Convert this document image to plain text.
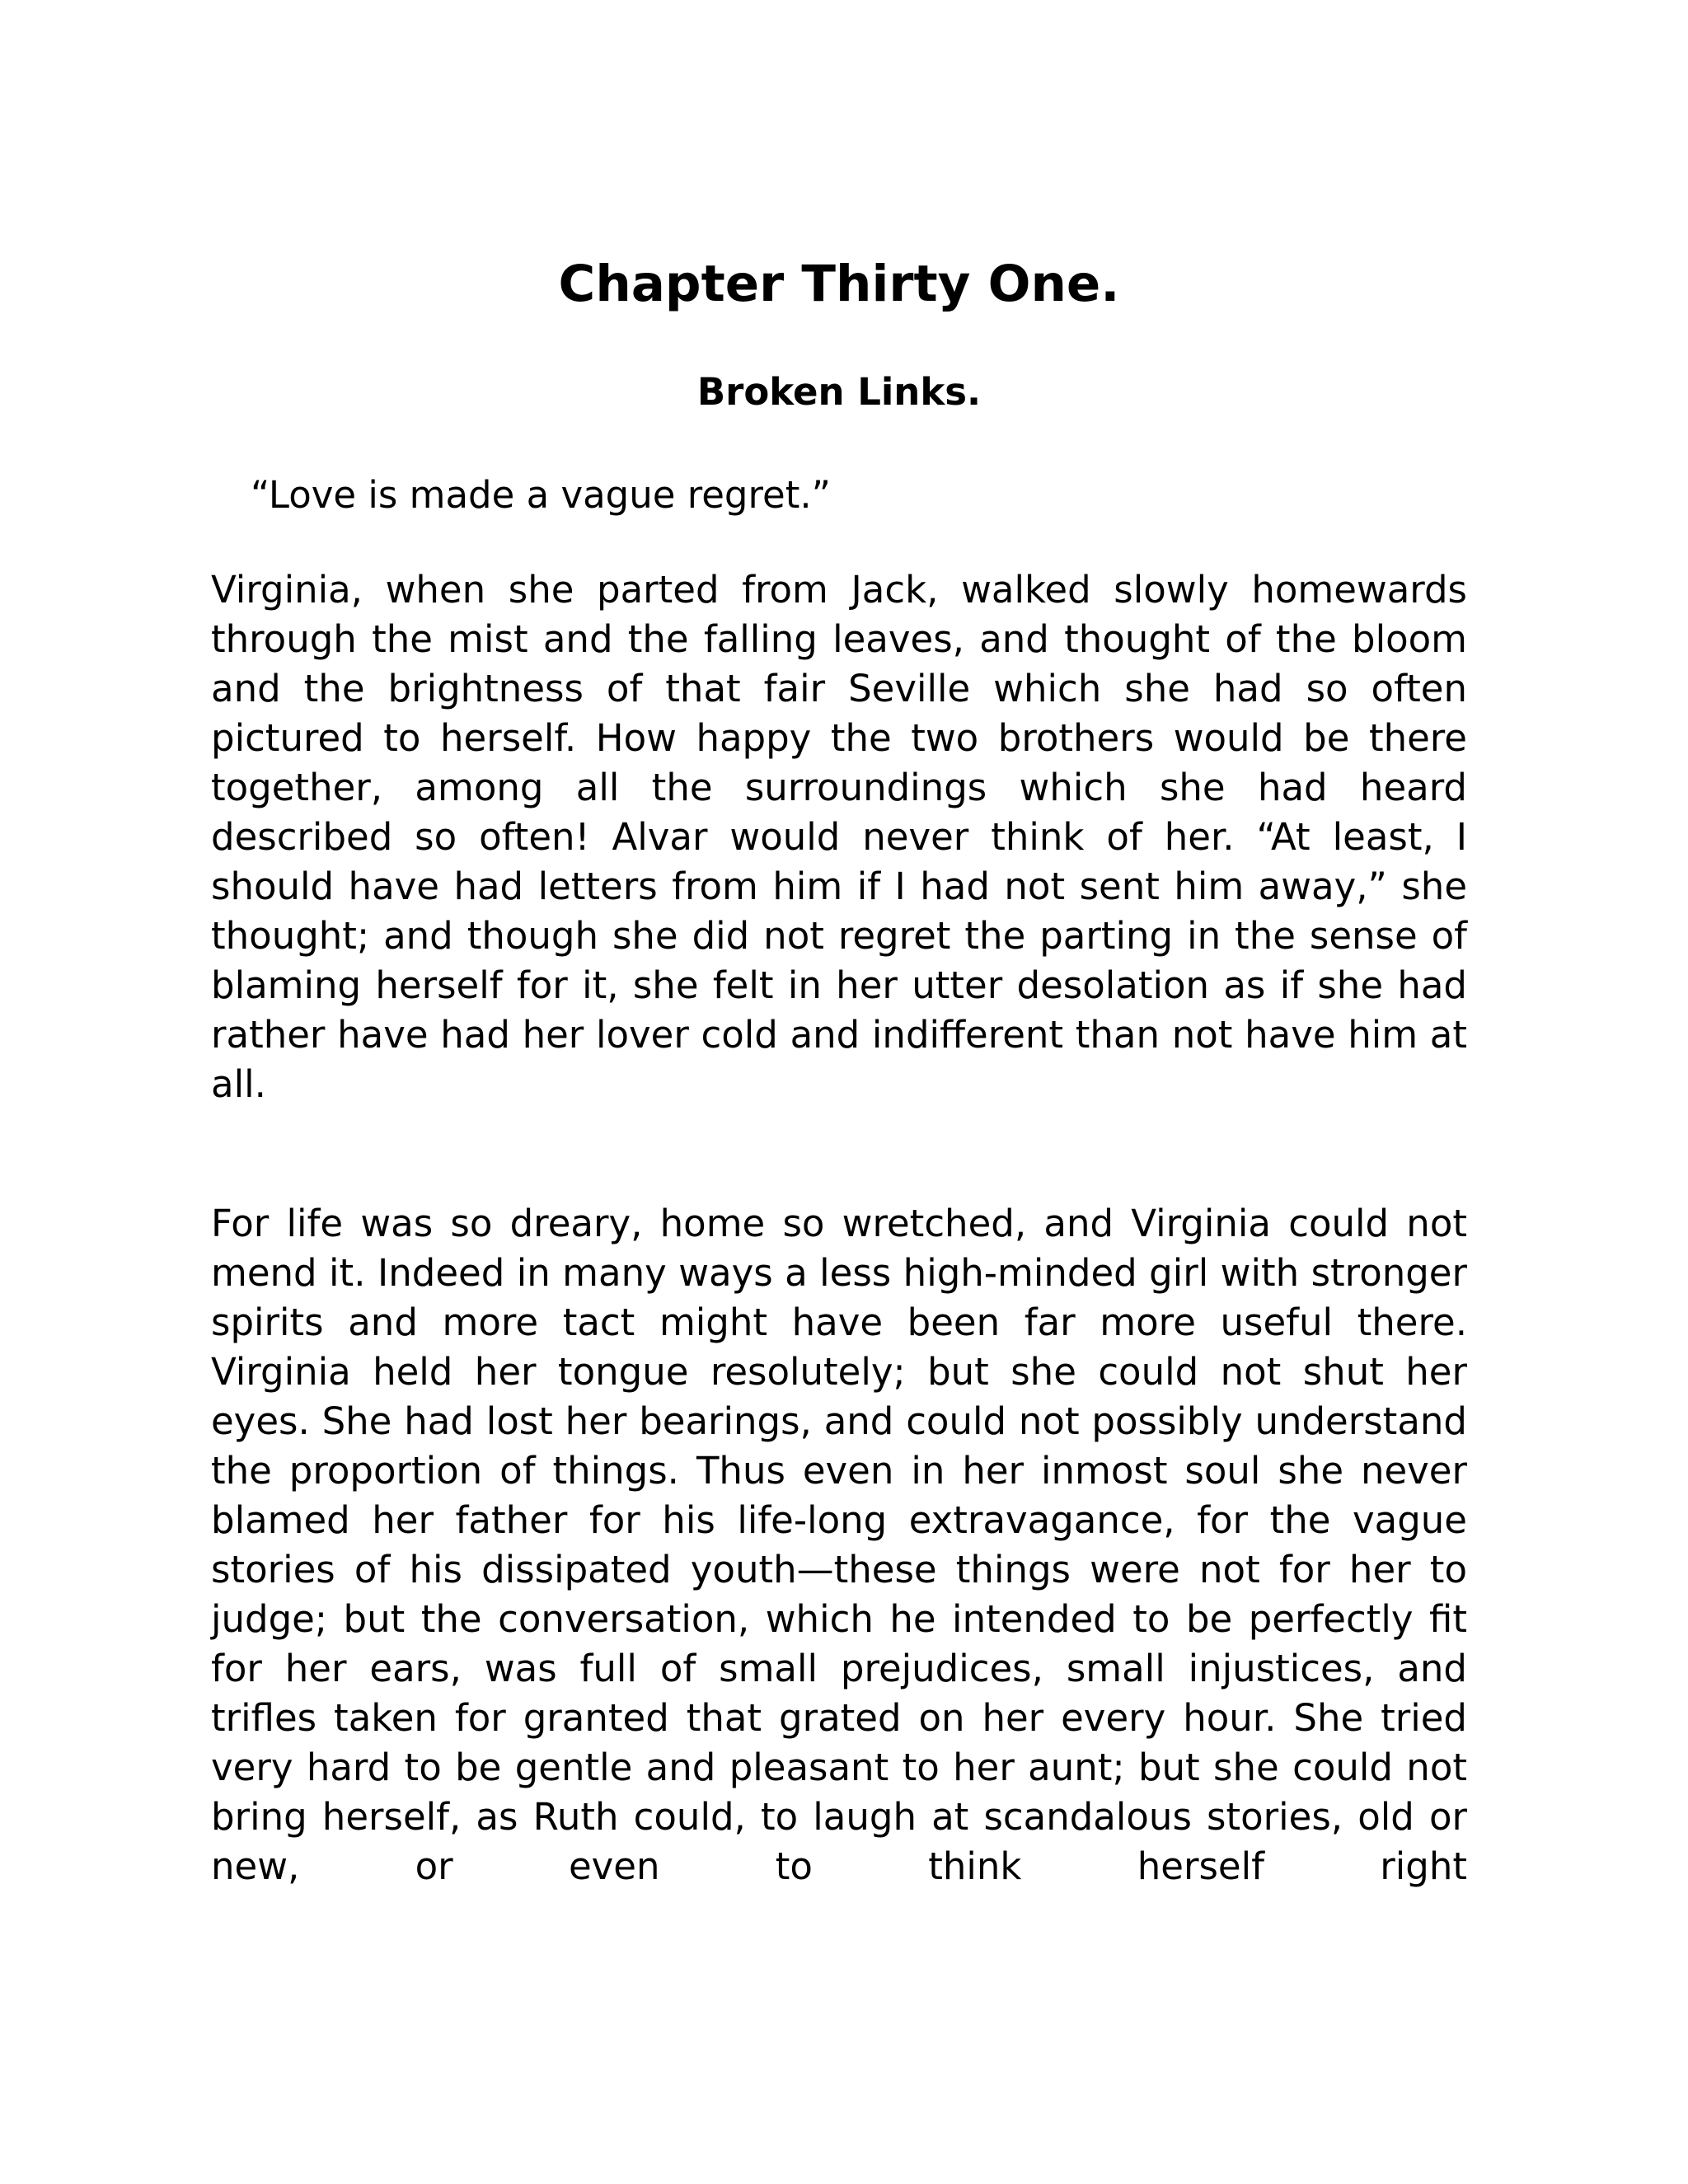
Chapter Thirty One.
Broken Links.

“Love is made a vague regret.”

Virginia, when she parted from Jack, walked slowly homewards through the mist and the falling leaves, and thought of the bloom and the brightness of that fair Seville which she had so often pictured to herself. How happy the two brothers would be there together, among all the surroundings which she had heard described so often! Alvar would never think of her. “At least, I should have had letters from him if I had not sent him away,” she thought; and though she did not regret the parting in the sense of blaming herself for it, she felt in her utter desolation as if she had rather have had her lover cold and indifferent than not have him at all.

For life was so dreary, home so wretched, and Virginia could not mend it. Indeed in many ways a less high-minded girl with stronger spirits and more tact might have been far more useful there. Virginia held her tongue resolutely; but she could not shut her eyes. She had lost her bearings, and could not possibly understand the proportion of things. Thus even in her inmost soul she never blamed her father for his life-long extravagance, for the vague stories of his dissipated youth—these things were not for her to judge; but the conversation, which he intended to be perfectly fit for her ears, was full of small prejudices, small injustices, and trifles taken for granted that grated on her every hour. She tried very hard to be gentle and pleasant to her aunt; but she could not bring herself, as Ruth could, to laugh at scandalous stories, old or new, or even to think herself right
